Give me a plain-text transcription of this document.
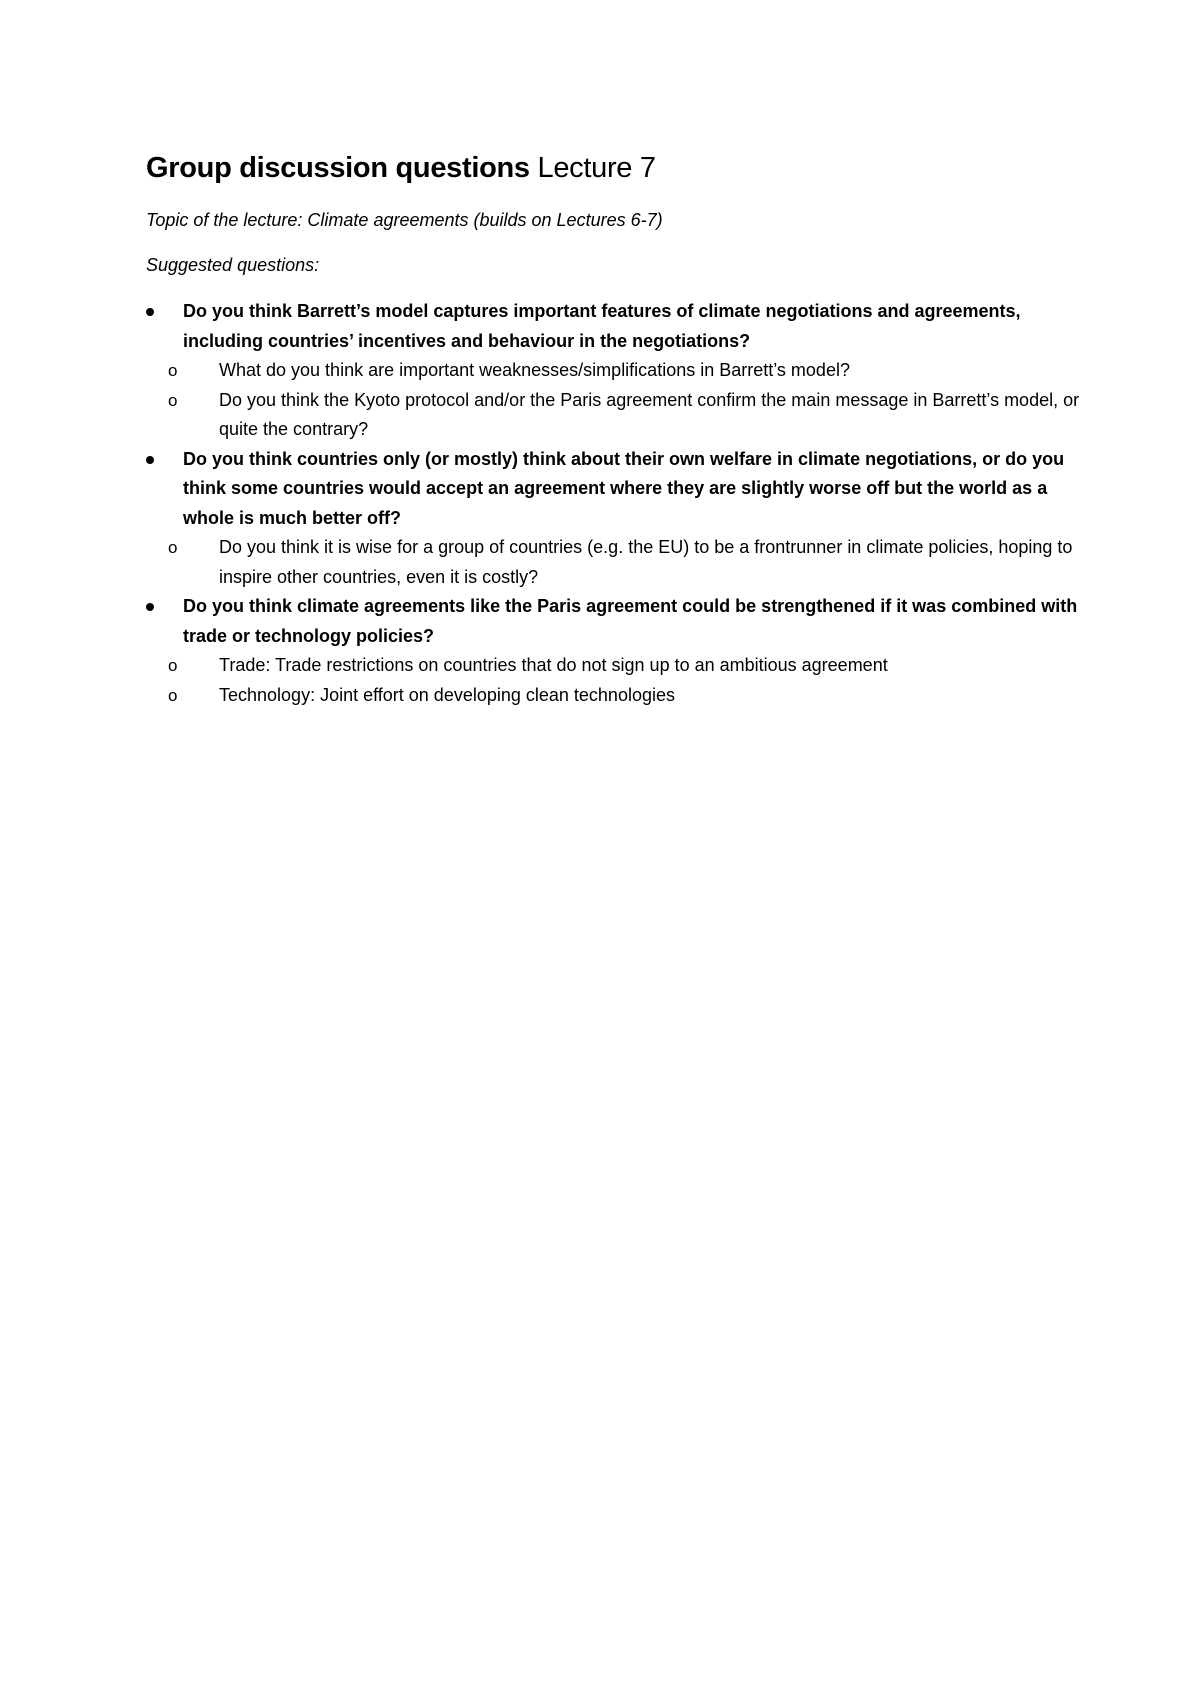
Group discussion questions Lecture 7
Topic of the lecture: Climate agreements (builds on Lectures 6-7)
Suggested questions:
Do you think Barrett’s model captures important features of climate negotiations and agreements, including countries’ incentives and behaviour in the negotiations?
o What do you think are important weaknesses/simplifications in Barrett’s model?
o Do you think the Kyoto protocol and/or the Paris agreement confirm the main message in Barrett’s model, or quite the contrary?
Do you think countries only (or mostly) think about their own welfare in climate negotiations, or do you think some countries would accept an agreement where they are slightly worse off but the world as a whole is much better off?
o Do you think it is wise for a group of countries (e.g. the EU) to be a frontrunner in climate policies, hoping to inspire other countries, even it is costly?
Do you think climate agreements like the Paris agreement could be strengthened if it was combined with trade or technology policies?
o Trade: Trade restrictions on countries that do not sign up to an ambitious agreement
o Technology: Joint effort on developing clean technologies
